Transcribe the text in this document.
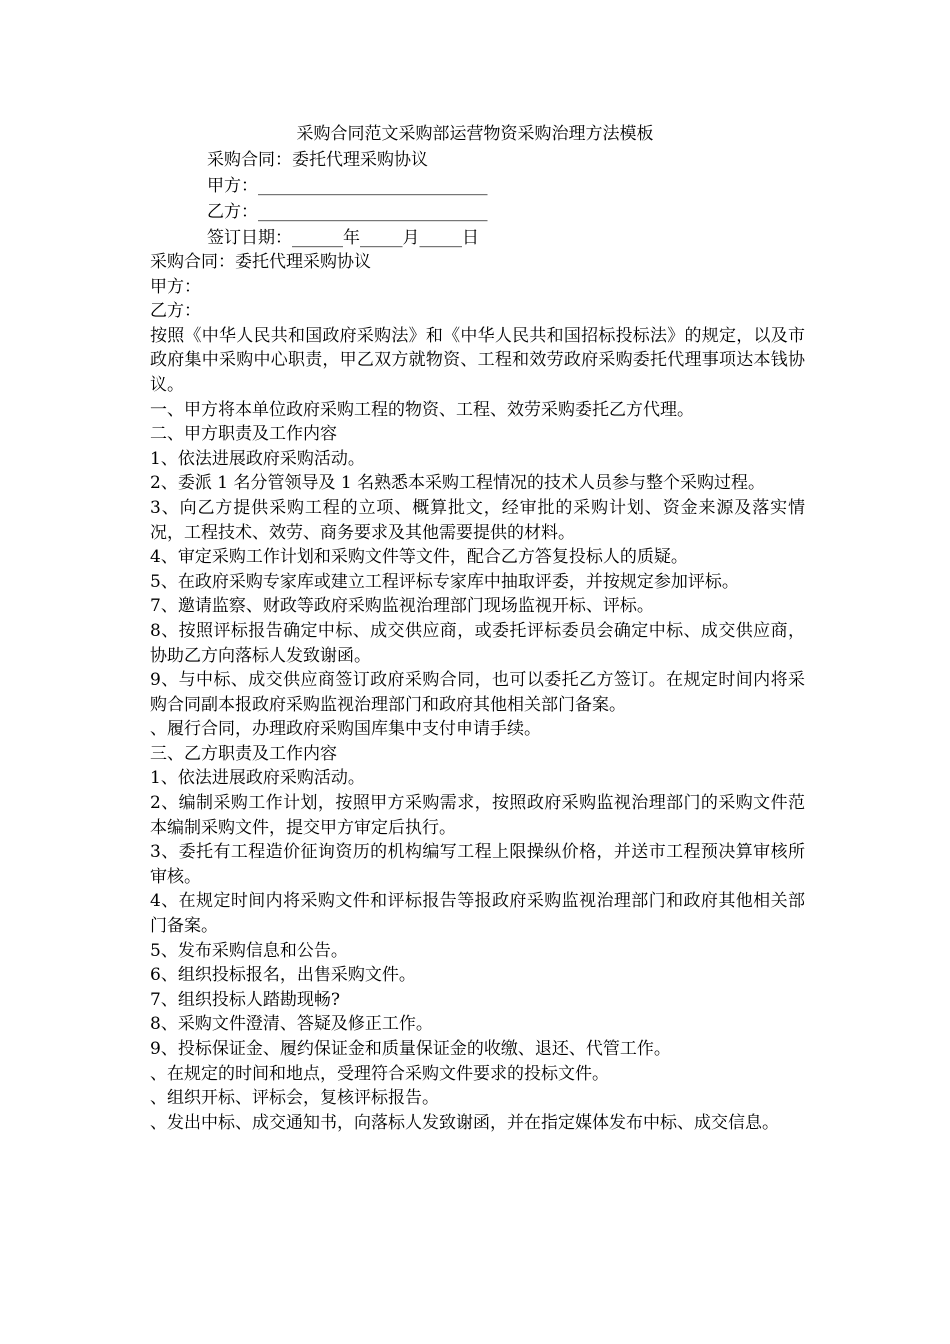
采购合同范文采购部运营物资采购治理方法模板
采购合同：委托代理采购协议
甲方：___________________________
乙方：___________________________
签订日期：______年_____月_____日

采购合同：委托代理采购协议

甲方：

乙方：

按照《中华人民共和国政府采购法》和《中华人民共和国招标投标法》的规定，以及市政府集中采购中心职责，甲乙双方就物资、工程和效劳政府采购委托代理事项达本钱协议。

一、甲方将本单位政府采购工程的物资、工程、效劳采购委托乙方代理。

二、甲方职责及工作内容

1、依法进展政府采购活动。

2、委派 1 名分管领导及 1 名熟悉本采购工程情况的技术人员参与整个采购过程。

3、向乙方提供采购工程的立项、概算批文，经审批的采购计划、资金来源及落实情况，工程技术、效劳、商务要求及其他需要提供的材料。

4、审定采购工作计划和采购文件等文件，配合乙方答复投标人的质疑。

5、在政府采购专家库或建立工程评标专家库中抽取评委，并按规定参加评标。

7、邀请监察、财政等政府采购监视治理部门现场监视开标、评标。

8、按照评标报告确定中标、成交供应商，或委托评标委员会确定中标、成交供应商，协助乙方向落标人发致谢函。

9、与中标、成交供应商签订政府采购合同，也可以委托乙方签订。在规定时间内将采购合同副本报政府采购监视治理部门和政府其他相关部门备案。

、履行合同，办理政府采购国库集中支付申请手续。

三、乙方职责及工作内容

1、依法进展政府采购活动。

2、编制采购工作计划，按照甲方采购需求，按照政府采购监视治理部门的采购文件范本编制采购文件，提交甲方审定后执行。

3、委托有工程造价征询资历的机构编写工程上限操纵价格，并送市工程预决算审核所审核。

4、在规定时间内将采购文件和评标报告等报政府采购监视治理部门和政府其他相关部门备案。

5、发布采购信息和公告。

6、组织投标报名，出售采购文件。

7、组织投标人踏勘现畅?

8、采购文件澄清、答疑及修正工作。

9、投标保证金、履约保证金和质量保证金的收缴、退还、代管工作。

、在规定的时间和地点，受理符合采购文件要求的投标文件。

、组织开标、评标会，复核评标报告。

、发出中标、成交通知书，向落标人发致谢函，并在指定媒体发布中标、成交信息。
